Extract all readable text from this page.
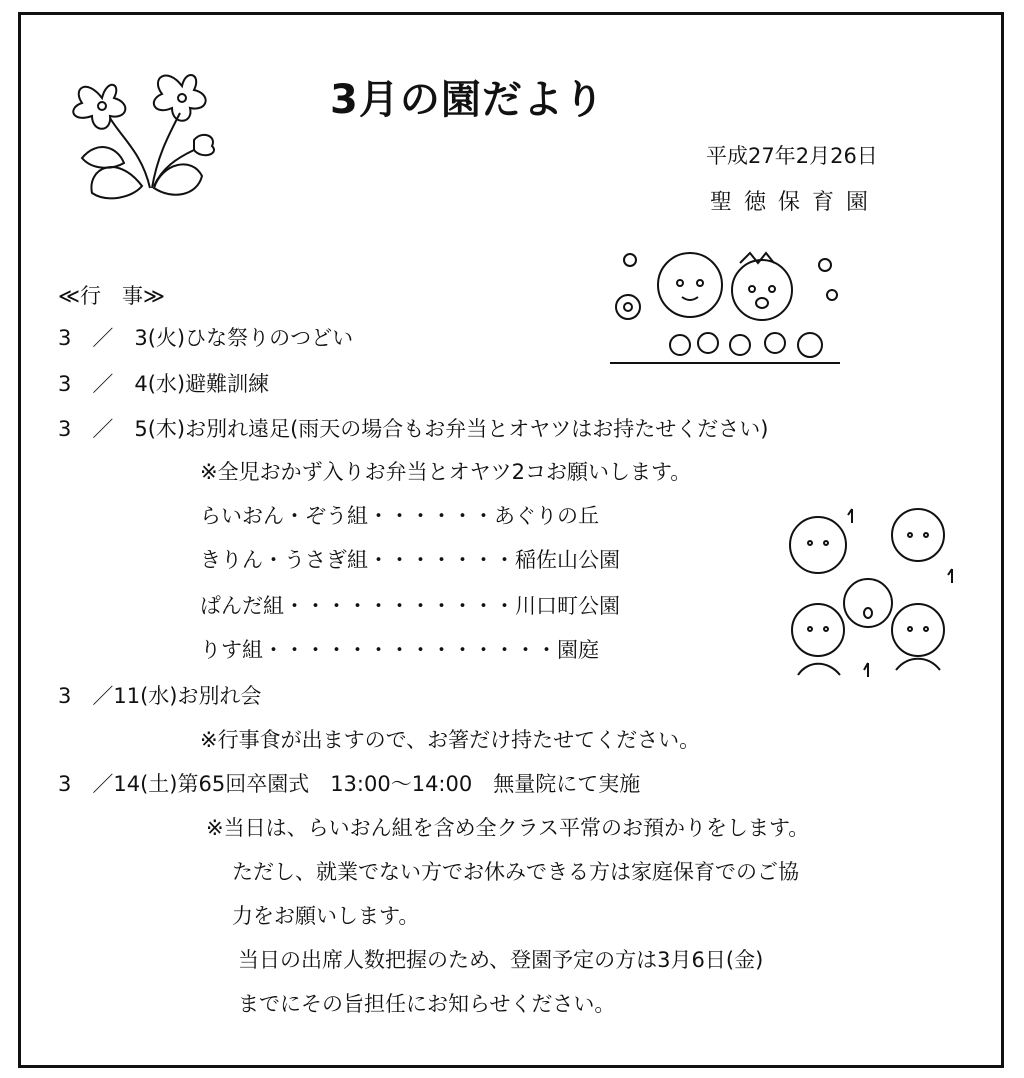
3月の園だより
平成27年2月26日
聖徳保育園
≪行　事≫
3　／　3(火)ひな祭りのつどい
3　／　4(水)避難訓練
3　／　5(木)お別れ遠足(雨天の場合もお弁当とオヤツはお持たせください)
※全児おかず入りお弁当とオヤツ2コお願いします。
らいおん・ぞう組・・・・・・あぐりの丘
きりん・うさぎ組・・・・・・・稲佐山公園
ぱんだ組・・・・・・・・・・・川口町公園
りす組・・・・・・・・・・・・・・園庭
3　／11(水)お別れ会
※行事食が出ますので、お箸だけ持たせてください。
3　／14(土)第65回卒園式　13:00～14:00　無量院にて実施
※当日は、らいおん組を含め全クラス平常のお預かりをします。
ただし、就業でない方でお休みできる方は家庭保育でのご協
力をお願いします。
当日の出席人数把握のため、登園予定の方は3月6日(金)
までにその旨担任にお知らせください。
